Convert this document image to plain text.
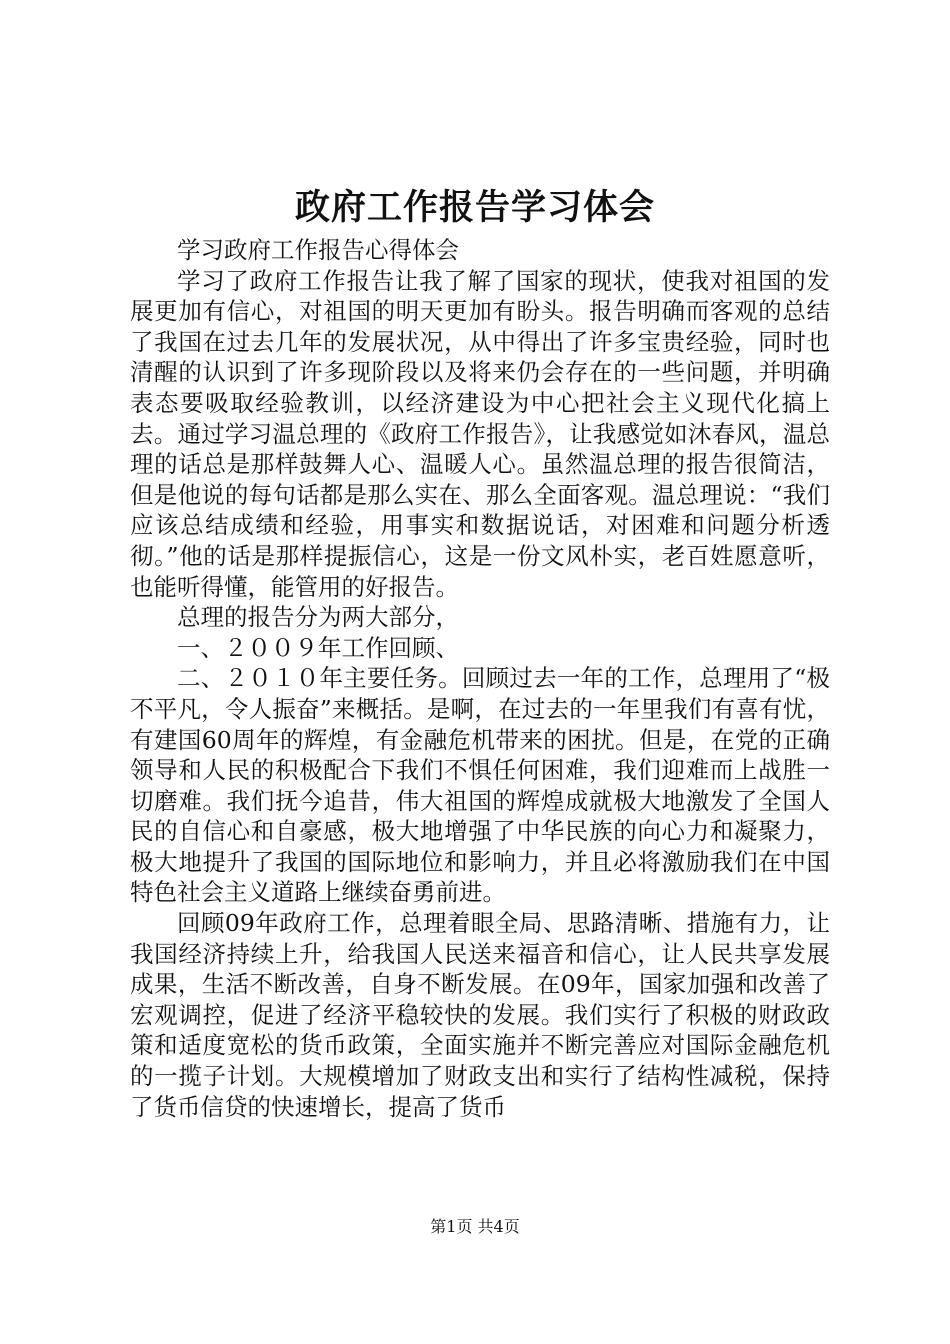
政府工作报告学习体会

学习政府工作报告心得体会

学习了政府工作报告让我了解了国家的现状，使我对祖国的发展更加有信心，对祖国的明天更加有盼头。报告明确而客观的总结了我国在过去几年的发展状况，从中得出了许多宝贵经验，同时也清醒的认识到了许多现阶段以及将来仍会存在的一些问题，并明确表态要吸取经验教训，以经济建设为中心把社会主义现代化搞上去。通过学习温总理的《政府工作报告》，让我感觉如沐春风，温总理的话总是那样鼓舞人心、温暖人心。虽然温总理的报告很简洁，但是他说的每句话都是那么实在、那么全面客观。温总理说：“我们应该总结成绩和经验，用事实和数据说话，对困难和问题分析透彻。”他的话是那样提振信心，这是一份文风朴实，老百姓愿意听，也能听得懂，能管用的好报告。

总理的报告分为两大部分，

一、２００９年工作回顾、

二、２０１０年主要任务。回顾过去一年的工作，总理用了“极不平凡，令人振奋”来概括。是啊，在过去的一年里我们有喜有忧，有建国60周年的辉煌，有金融危机带来的困扰。但是，在党的正确领导和人民的积极配合下我们不惧任何困难，我们迎难而上战胜一切磨难。我们抚今追昔，伟大祖国的辉煌成就极大地激发了全国人民的自信心和自豪感，极大地增强了中华民族的向心力和凝聚力，极大地提升了我国的国际地位和影响力，并且必将激励我们在中国特色社会主义道路上继续奋勇前进。

回顾09年政府工作，总理着眼全局、思路清晰、措施有力，让我国经济持续上升，给我国人民送来福音和信心，让人民共享发展成果，生活不断改善，自身不断发展。在09年，国家加强和改善了宏观调控，促进了经济平稳较快的发展。我们实行了积极的财政政策和适度宽松的货币政策，全面实施并不断完善应对国际金融危机的一揽子计划。大规模增加了财政支出和实行了结构性减税，保持了货币信贷的快速增长，提高了货币

第1页 共4页
